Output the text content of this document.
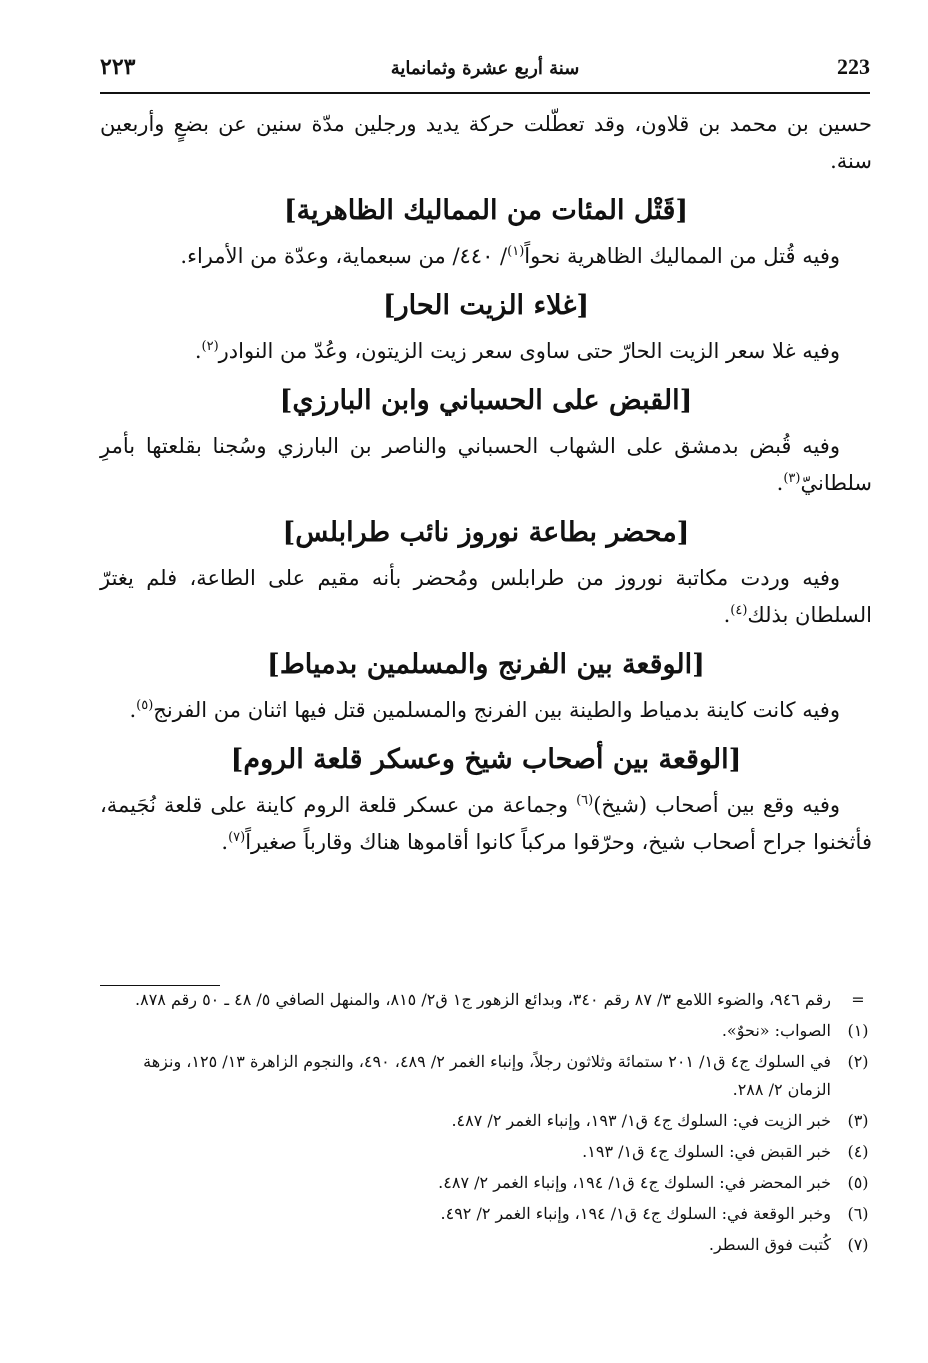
٢٢٣	سنة أربع عشرة وثمانماية	223

حسين بن محمد بن قلاون، وقد تعطّلت حركة يديد ورجلين مدّة سنين عن بضعٍ وأربعين سنة.

[قَتْل المئات من المماليك الظاهرية]

وفيه قُتل من المماليك الظاهرية نحواً$^{(١)}$/ ٤٤٠/ من سبعماية، وعدّة من الأمراء.

[غلاء الزيت الحار]

وفيه غلا سعر الزيت الحارّ حتى ساوى سعر زيت الزيتون، وعُدّ من النوادر$^{(٢)}$.

[القبض على الحسباني وابن البارزي]

وفيه قُبض بدمشق على الشهاب الحسباني والناصر بن البارزي وسُجنا بقلعتها بأمرِ سلطانيّ$^{(٣)}$.

[محضر بطاعة نوروز نائب طرابلس]

وفيه وردت مكاتبة نوروز من طرابلس ومُحضر بأنه مقيم على الطاعة، فلم يغترّ السلطان بذلك$^{(٤)}$.

[الوقعة بين الفرنج والمسلمين بدمياط]

وفيه كانت كاينة بدمياط والطينة بين الفرنج والمسلمين قتل فيها اثنان من الفرنج$^{(٥)}$.

[الوقعة بين أصحاب شيخ وعسكر قلعة الروم]

وفيه وقع بين أصحاب (شيخ)$^{(٦)}$ وجماعة من عسكر قلعة الروم كاينة على قلعة نُجَيمة، فأثخنوا جراح أصحاب شيخ، وحرّقوا مركباً كانوا أقاموها هناك وقارباً صغيراً$^{(٧)}$.

=
رقم ٩٤٦، والضوء اللامع ٣/ ٨٧ رقم ٣٤٠، وبدائع الزهور ج١ ق٢/ ٨١٥، والمنهل الصافي ٥/ ٤٨ ـ ٥٠ رقم ٨٧٨.
(١)
الصواب: «نحوٌ».
(٢)
في السلوك ج٤ ق١/ ٢٠١ ستمائة وثلاثون رجلاً، وإنباء الغمر ٢/ ٤٨٩، ٤٩٠، والنجوم الزاهرة ١٣/ ١٢٥، ونزهة الزمان ٢/ ٢٨٨.
(٣)
خبر الزيت في: السلوك ج٤ ق١/ ١٩٣، وإنباء الغمر ٢/ ٤٨٧.
(٤)
خبر القبض في: السلوك ج٤ ق١/ ١٩٣.
(٥)
خبر المحضر في: السلوك ج٤ ق١/ ١٩٤، وإنباء الغمر ٢/ ٤٨٧.
(٦)
وخبر الوقعة في: السلوك ج٤ ق١/ ١٩٤، وإنباء الغمر ٢/ ٤٩٢.
(٧)
كُتبت فوق السطر.
